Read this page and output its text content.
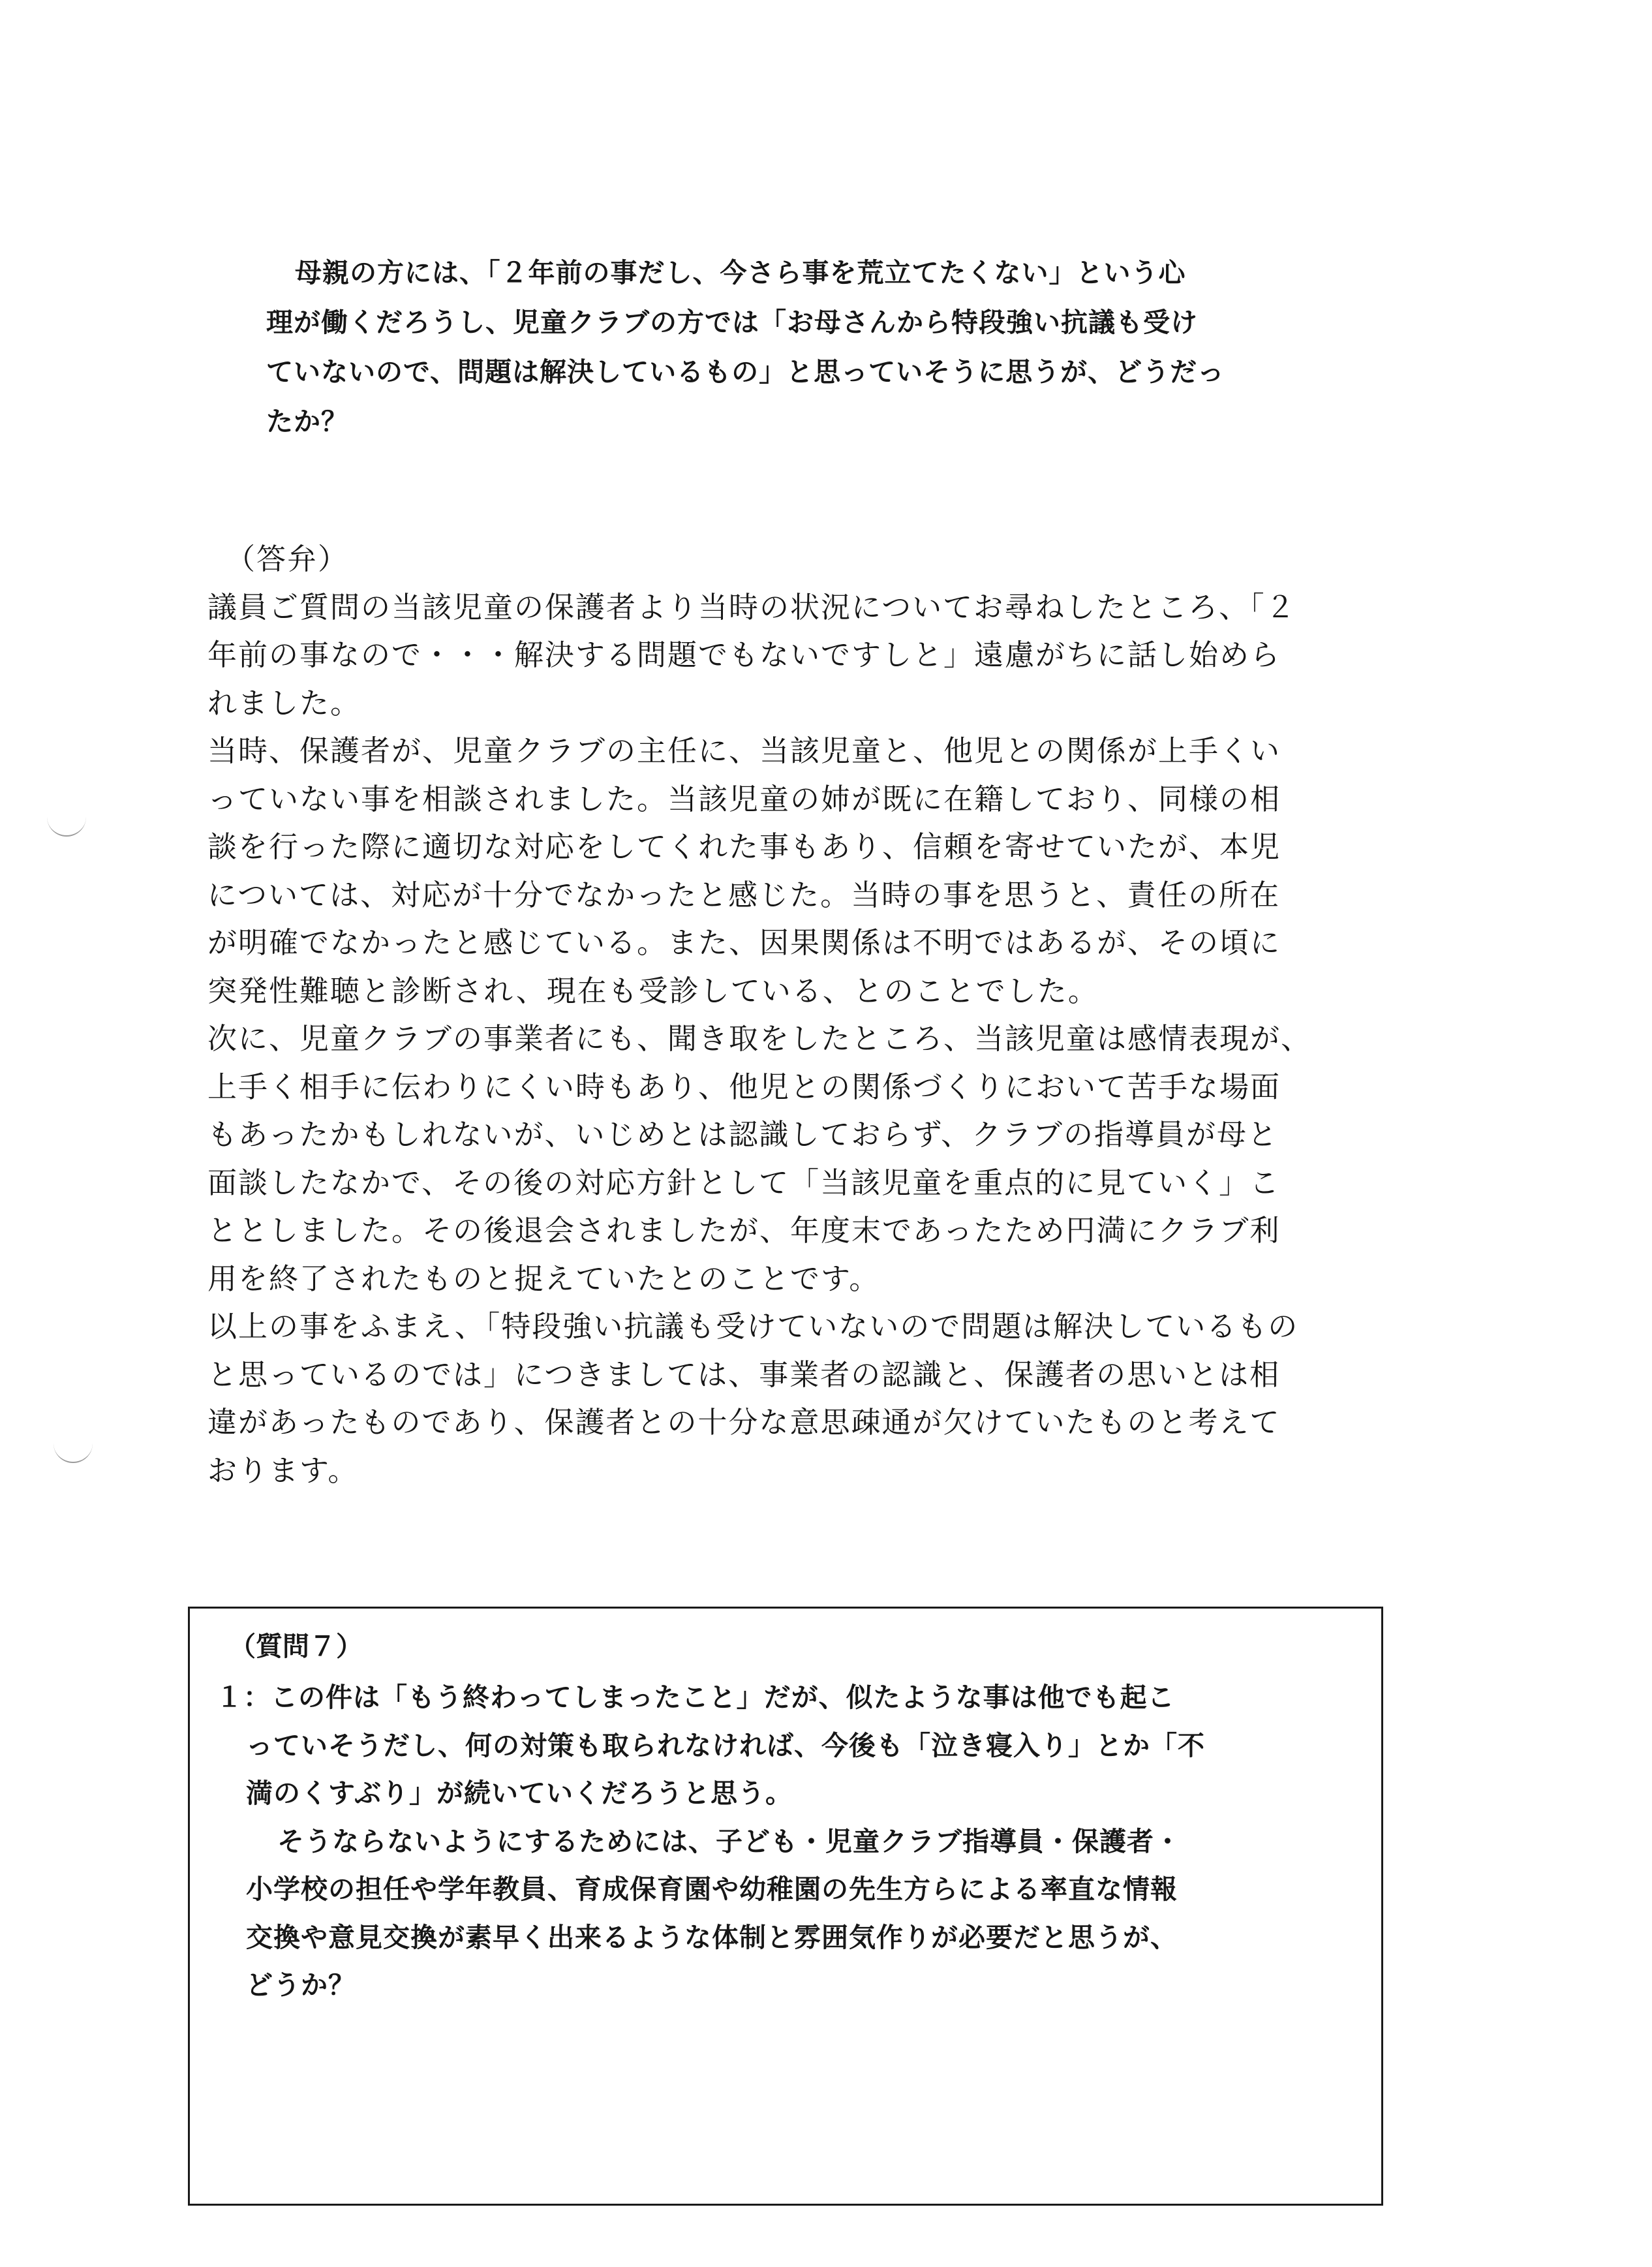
母親の方には、「２年前の事だし、今さら事を荒立てたくない」という心

理が働くだろうし、児童クラブの方では「お母さんから特段強い抗議も受け

ていないので、問題は解決しているもの」と思っていそうに思うが、どうだっ

たか？

（答弁）

議員ご質問の当該児童の保護者より当時の状況についてお尋ねしたところ、「２

年前の事なので・・・解決する問題でもないですしと」遠慮がちに話し始めら

れました。

当時、保護者が、児童クラブの主任に、当該児童と、他児との関係が上手くい

っていない事を相談されました。当該児童の姉が既に在籍しており、同様の相

談を行った際に適切な対応をしてくれた事もあり、信頼を寄せていたが、本児

については、対応が十分でなかったと感じた。当時の事を思うと、責任の所在

が明確でなかったと感じている。また、因果関係は不明ではあるが、その頃に

突発性難聴と診断され、現在も受診している、とのことでした。

次に、児童クラブの事業者にも、聞き取をしたところ、当該児童は感情表現が、

上手く相手に伝わりにくい時もあり、他児との関係づくりにおいて苦手な場面

もあったかもしれないが、いじめとは認識しておらず、クラブの指導員が母と

面談したなかで、その後の対応方針として「当該児童を重点的に見ていく」こ

ととしました。その後退会されましたが、年度末であったため円満にクラブ利

用を終了されたものと捉えていたとのことです。

以上の事をふまえ、「特段強い抗議も受けていないので問題は解決しているもの

と思っているのでは」につきましては、事業者の認識と、保護者の思いとは相

違があったものであり、保護者との十分な意思疎通が欠けていたものと考えて

おります。

（質問７）

１：この件は「もう終わってしまったこと」だが、似たような事は他でも起こ

っていそうだし、何の対策も取られなければ、今後も「泣き寝入り」とか「不

満のくすぶり」が続いていくだろうと思う。

そうならないようにするためには、子ども・児童クラブ指導員・保護者・

小学校の担任や学年教員、育成保育園や幼稚園の先生方らによる率直な情報

交換や意見交換が素早く出来るような体制と雰囲気作りが必要だと思うが、

どうか？
